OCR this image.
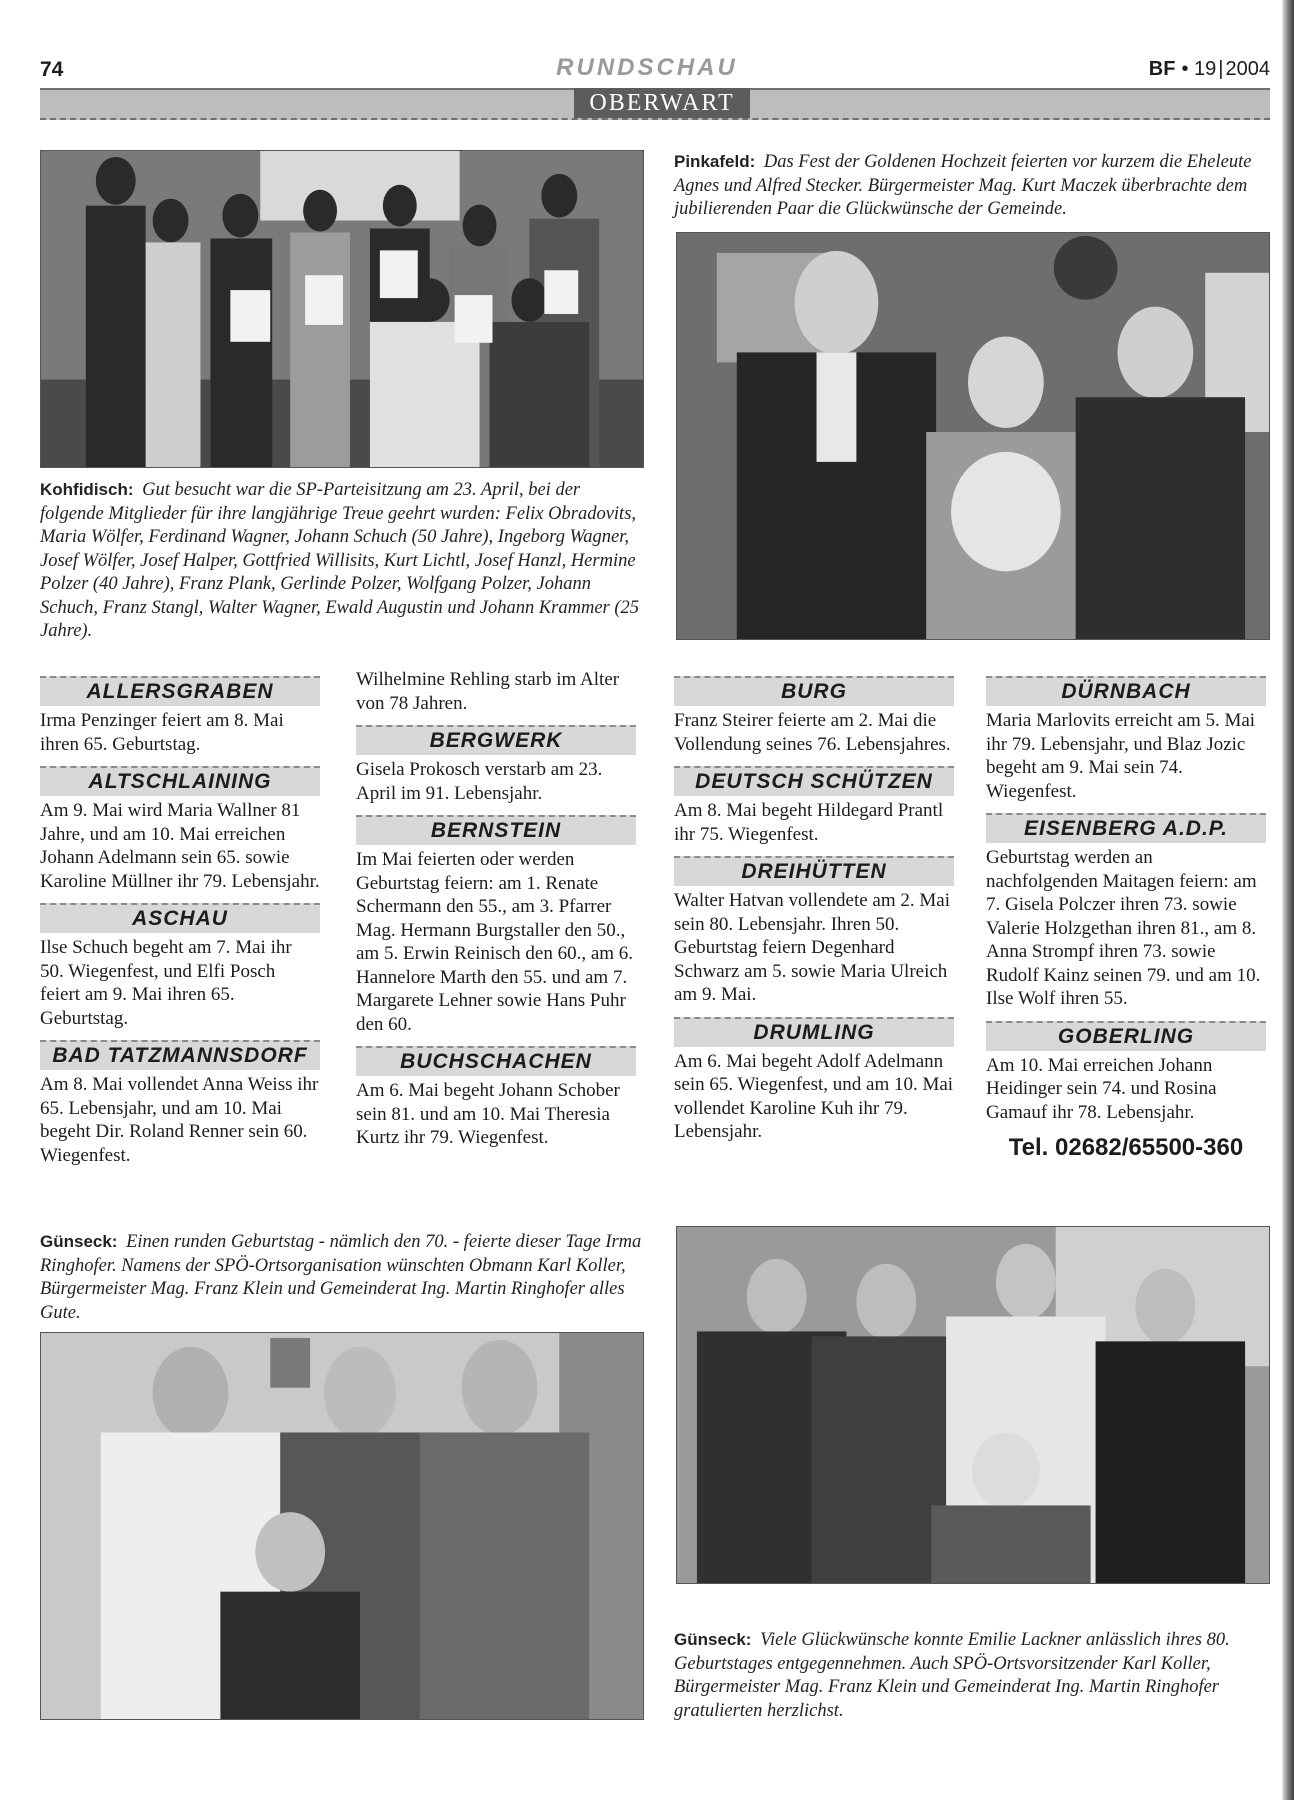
74	RUNDSCHAU	BF • 19 | 2004
OBERWART
Kohfidisch: Gut besucht war die SP-Parteisitzung am 23. April, bei der folgende Mitglieder für ihre langjährige Treue geehrt wurden: Felix Obradovits, Maria Wölfer, Ferdinand Wagner, Johann Schuch (50 Jahre), Ingeborg Wagner, Josef Wölfer, Josef Halper, Gottfried Willisits, Kurt Lichtl, Josef Hanzl, Hermine Polzer (40 Jahre), Franz Plank, Gerlinde Polzer, Wolfgang Polzer, Johann Schuch, Franz Stangl, Walter Wagner, Ewald Augustin und Johann Krammer (25 Jahre).
Pinkafeld: Das Fest der Goldenen Hochzeit feierten vor kurzem die Eheleute Agnes und Alfred Stecker. Bürgermeister Mag. Kurt Maczek überbrachte dem jubilierenden Paar die Glückwünsche der Gemeinde.
ALLERSGRABEN
Irma Penzinger feiert am 8. Mai ihren 65. Geburtstag.
ALTSCHLAINING
Am 9. Mai wird Maria Wallner 81 Jahre, und am 10. Mai erreichen Johann Adelmann sein 65. sowie Karoline Müllner ihr 79. Lebensjahr.
ASCHAU
Ilse Schuch begeht am 7. Mai ihr 50. Wiegenfest, und Elfi Posch feiert am 9. Mai ihren 65. Geburtstag.
BAD TATZMANNSDORF
Am 8. Mai vollendet Anna Weiss ihr 65. Lebensjahr, und am 10. Mai begeht Dir. Roland Renner sein 60. Wiegenfest.
Wilhelmine Rehling starb im Alter von 78 Jahren.
BERGWERK
Gisela Prokosch verstarb am 23. April im 91. Lebensjahr.
BERNSTEIN
Im Mai feierten oder werden Geburtstag feiern: am 1. Renate Schermann den 55., am 3. Pfarrer Mag. Hermann Burgstaller den 50., am 5. Erwin Reinisch den 60., am 6. Hannelore Marth den 55. und am 7. Margarete Lehner sowie Hans Puhr den 60.
BUCHSCHACHEN
Am 6. Mai begeht Johann Schober sein 81. und am 10. Mai Theresia Kurtz ihr 79. Wiegenfest.
BURG
Franz Steirer feierte am 2. Mai die Vollendung seines 76. Lebensjahres.
DEUTSCH SCHÜTZEN
Am 8. Mai begeht Hildegard Prantl ihr 75. Wiegenfest.
DREIHÜTTEN
Walter Hatvan vollendete am 2. Mai sein 80. Lebensjahr. Ihren 50. Geburtstag feiern Degenhard Schwarz am 5. sowie Maria Ulreich am 9. Mai.
DRUMLING
Am 6. Mai begeht Adolf Adelmann sein 65. Wiegenfest, und am 10. Mai vollendet Karoline Kuh ihr 79. Lebensjahr.
DÜRNBACH
Maria Marlovits erreicht am 5. Mai ihr 79. Lebensjahr, und Blaz Jozic begeht am 9. Mai sein 74. Wiegenfest.
EISENBERG A.D.P.
Geburtstag werden an nachfolgenden Maitagen feiern: am 7. Gisela Polczer ihren 73. sowie Valerie Holzgethan ihren 81., am 8. Anna Strompf ihren 73. sowie Rudolf Kainz seinen 79. und am 10. Ilse Wolf ihren 55.
GOBERLING
Am 10. Mai erreichen Johann Heidinger sein 74. und Rosina Gamauf ihr 78. Lebensjahr.
Tel. 02682/65500-360
Günseck: Einen runden Geburtstag - nämlich den 70. - feierte dieser Tage Irma Ringhofer. Namens der SPÖ-Ortsorganisation wünschten Obmann Karl Koller, Bürgermeister Mag. Franz Klein und Gemeinderat Ing. Martin Ringhofer alles Gute.
Günseck: Viele Glückwünsche konnte Emilie Lackner anlässlich ihres 80. Geburtstages entgegennehmen. Auch SPÖ-Ortsvorsitzender Karl Koller, Bürgermeister Mag. Franz Klein und Gemeinderat Ing. Martin Ringhofer gratulierten herzlichst.
